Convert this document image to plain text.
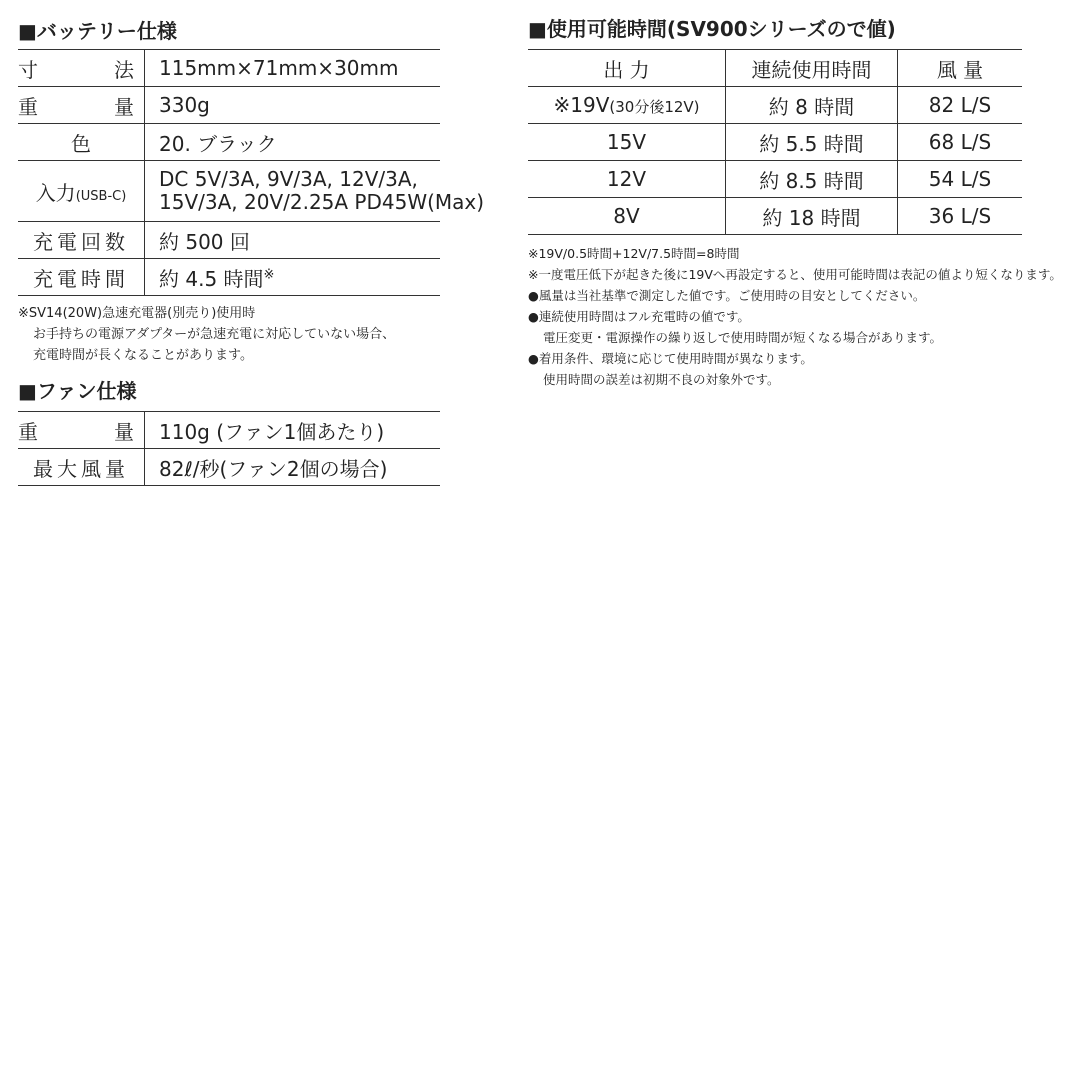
■バッテリー仕様
寸　法	115mm×71mm×30mm
重　量	330g
色	20. ブラック
入力(USB-C)	DC 5V/3A, 9V/3A, 12V/3A,
15V/3A, 20V/2.25A PD45W(Max)

充電回数	約 500 回
充電時間	約 4.5 時間※
※SV14(20W)急速充電器(別売り)使用時
お手持ちの電源アダプターが急速充電に対応していない場合、
充電時間が長くなることがあります。
■ファン仕様
重　量	110g (ファン1個あたり)
最大風量	82ℓ/秒(ファン2個の場合)
■使用可能時間(SV900シリーズので値)
出 力	連続使用時間	風 量
※19V(30分後12V)	約 8 時間	82 L/S
15V	約 5.5 時間	68 L/S
12V	約 8.5 時間	54 L/S
8V	約 18 時間	36 L/S
※19V/0.5時間+12V/7.5時間=8時間
※一度電圧低下が起きた後に19Vへ再設定すると、使用可能時間は表記の値より短くなります。
●風量は当社基準で測定した値です。ご使用時の目安としてください。
●連続使用時間はフル充電時の値です。
電圧変更・電源操作の繰り返しで使用時間が短くなる場合があります。
●着用条件、環境に応じて使用時間が異なります。
使用時間の誤差は初期不良の対象外です。
